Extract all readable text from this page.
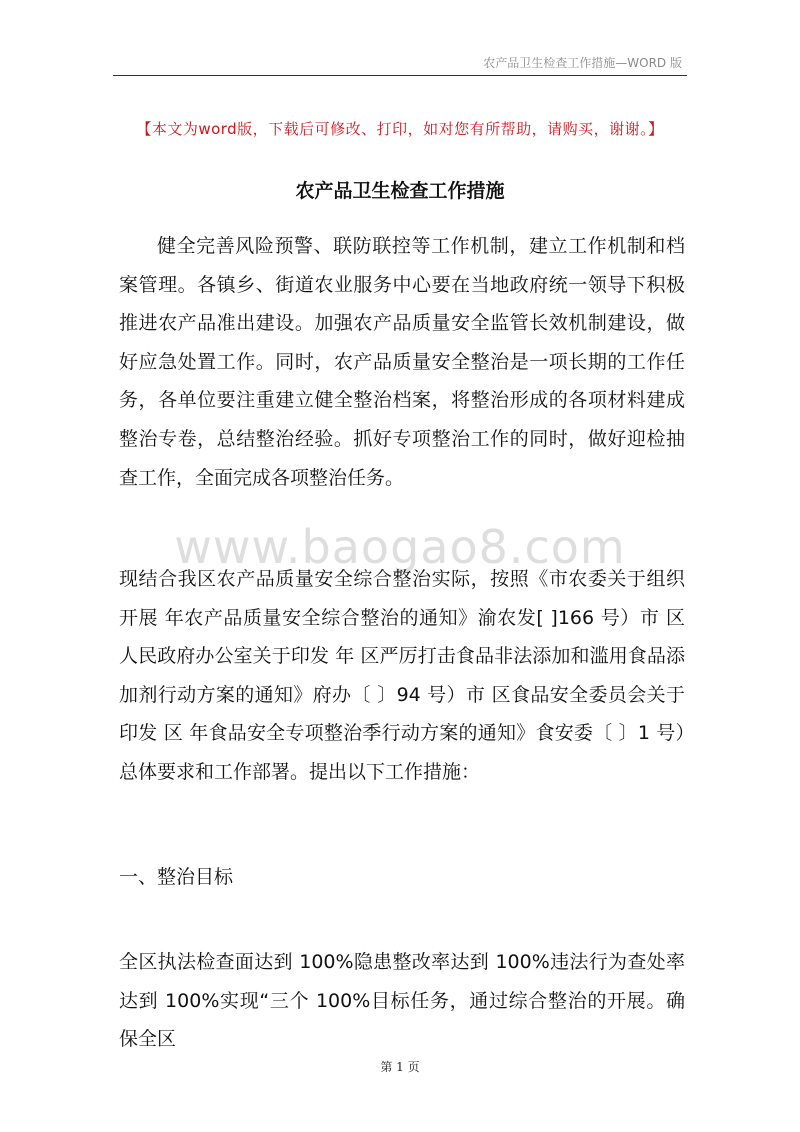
农产品卫生检查工作措施—WORD 版
【本文为word版，下载后可修改、打印，如对您有所帮助，请购买，谢谢。】
农产品卫生检查工作措施

健全完善风险预警、联防联控等工作机制，建立工作机制和档案管理。各镇乡、街道农业服务中心要在当地政府统一领导下积极推进农产品准出建设。加强农产品质量安全监管长效机制建设，做好应急处置工作。同时，农产品质量安全整治是一项长期的工作任务，各单位要注重建立健全整治档案，将整治形成的各项材料建成整治专卷，总结整治经验。抓好专项整治工作的同时，做好迎检抽查工作，全面完成各项整治任务。

www.baogao8.com

现结合我区农产品质量安全综合整治实际，按照《市农委关于组织开展 年农产品质量安全综合整治的通知》渝农发[ ]166 号）市 区人民政府办公室关于印发 年 区严厉打击食品非法添加和滥用食品添加剂行动方案的通知》府办〔 〕94 号）市 区食品安全委员会关于印发 区 年食品安全专项整治季行动方案的通知》食安委〔 〕1 号）总体要求和工作部署。提出以下工作措施：

一、整治目标

全区执法检查面达到 100%隐患整改率达到 100%违法行为查处率达到 100%实现“三个 100%目标任务，通过综合整治的开展。确保全区

第 1 页
